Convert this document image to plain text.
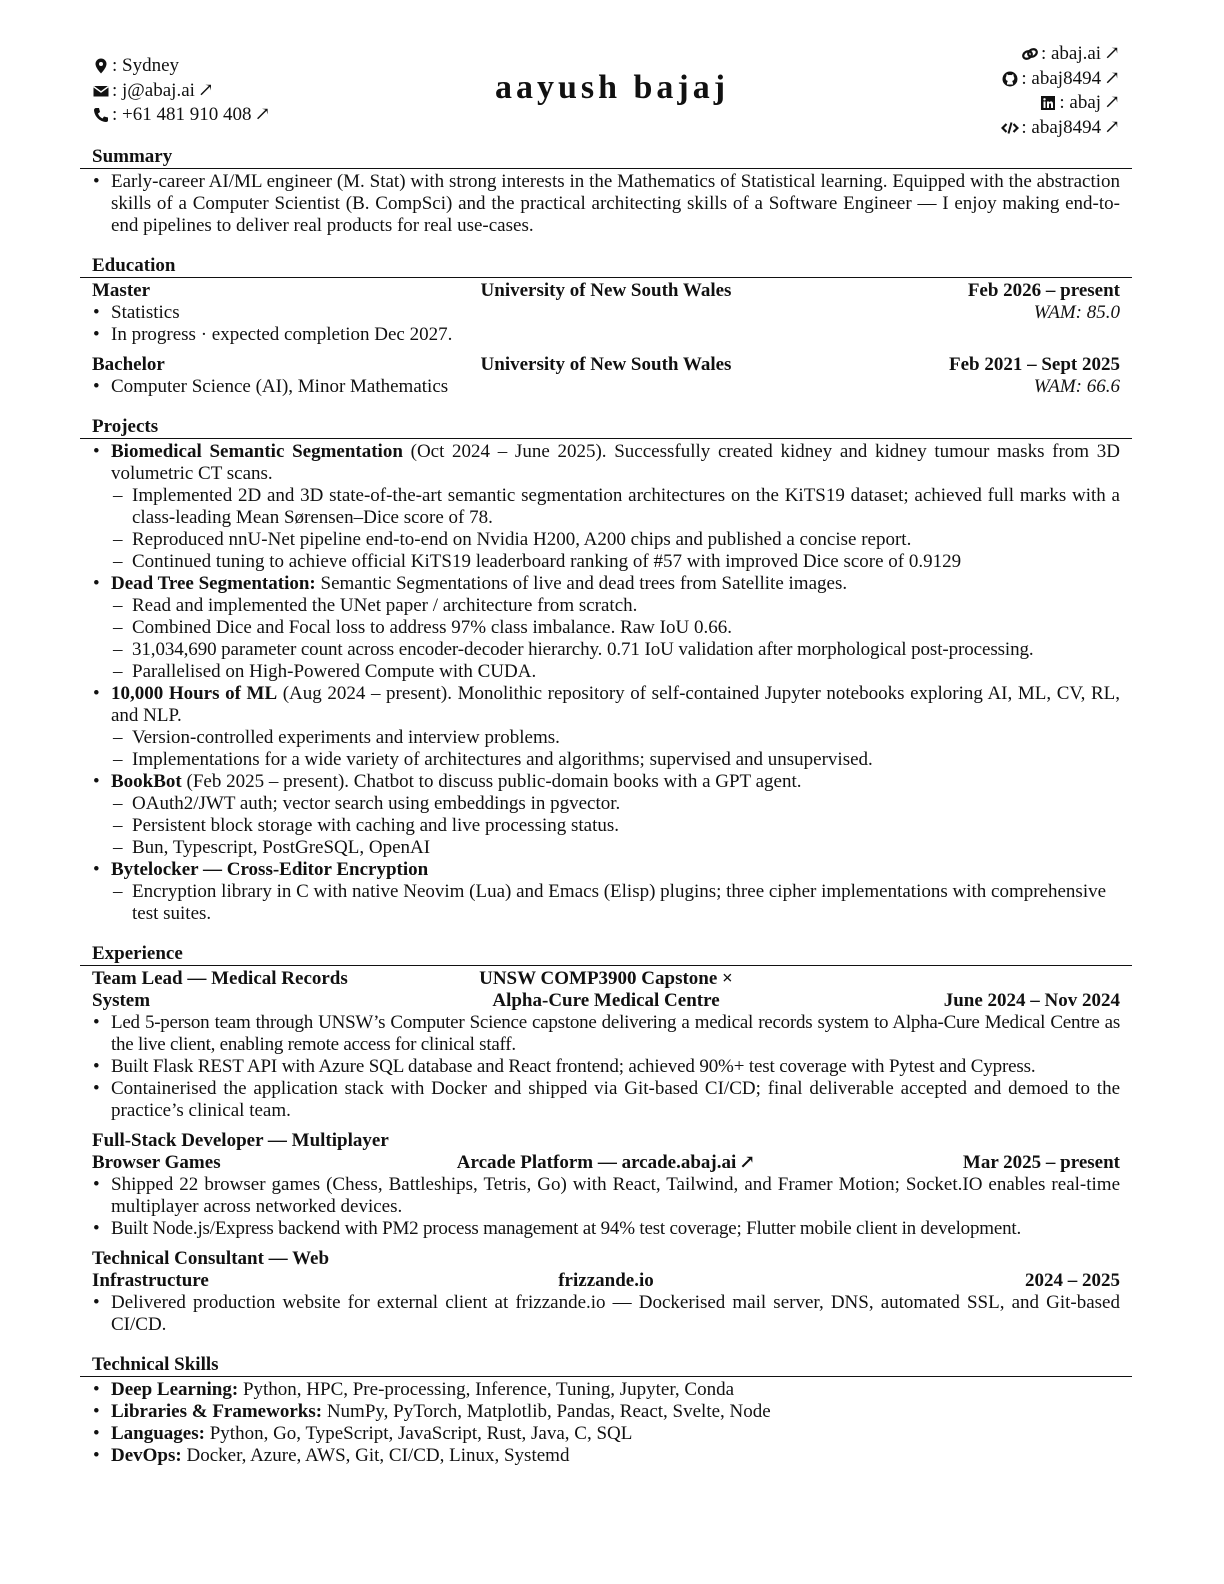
: Sydney
: j@abaj.ai ↗
: +61 481 910 408 ↗
aayush bajaj
: abaj.ai ↗
: abaj8494 ↗
: abaj ↗
: abaj8494 ↗
Summary
• Early-career AI/ML engineer (M. Stat) with strong interests in the Mathematics of Statistical learning. Equipped with the abstraction skills of a Computer Scientist (B. CompSci) and the practical architecting skills of a Software Engineer — I enjoy making end-to-end pipelines to deliver real products for real use-cases.
Education
Master	University of New South Wales	Feb 2026 – present
• Statistics	WAM: 85.0
• In progress · expected completion Dec 2027.
Bachelor	University of New South Wales	Feb 2021 – Sept 2025
• Computer Science (AI), Minor Mathematics	WAM: 66.6
Projects
• Biomedical Semantic Segmentation (Oct 2024 – June 2025). Successfully created kidney and kidney tumour masks from 3D volumetric CT scans.
– Implemented 2D and 3D state-of-the-art semantic segmentation architectures on the KiTS19 dataset; achieved full marks with a class-leading Mean Sørensen–Dice score of 78.
– Reproduced nnU-Net pipeline end-to-end on Nvidia H200, A200 chips and published a concise report.
– Continued tuning to achieve official KiTS19 leaderboard ranking of #57 with improved Dice score of 0.9129
• Dead Tree Segmentation: Semantic Segmentations of live and dead trees from Satellite images.
– Read and implemented the UNet paper / architecture from scratch.
– Combined Dice and Focal loss to address 97% class imbalance. Raw IoU 0.66.
– 31,034,690 parameter count across encoder-decoder hierarchy. 0.71 IoU validation after morphological post-processing.
– Parallelised on High-Powered Compute with CUDA.
• 10,000 Hours of ML (Aug 2024 – present). Monolithic repository of self-contained Jupyter notebooks exploring AI, ML, CV, RL, and NLP.
– Version-controlled experiments and interview problems.
– Implementations for a wide variety of architectures and algorithms; supervised and unsupervised.
• BookBot (Feb 2025 – present). Chatbot to discuss public-domain books with a GPT agent.
– OAuth2/JWT auth; vector search using embeddings in pgvector.
– Persistent block storage with caching and live processing status.
– Bun, Typescript, PostGreSQL, OpenAI
• Bytelocker — Cross-Editor Encryption
– Encryption library in C with native Neovim (Lua) and Emacs (Elisp) plugins; three cipher implementations with comprehensive test suites.
Experience
Team Lead — Medical Records System
UNSW COMP3900 Capstone × Alpha-Cure Medical Centre	June 2024 – Nov 2024
• Led 5-person team through UNSW’s Computer Science capstone delivering a medical records system to Alpha-Cure Medical Centre as the live client, enabling remote access for clinical staff.
• Built Flask REST API with Azure SQL database and React frontend; achieved 90%+ test coverage with Pytest and Cypress.
• Containerised the application stack with Docker and shipped via Git-based CI/CD; final deliverable accepted and demoed to the practice’s clinical team.
Full-Stack Developer — Multiplayer Browser Games	Arcade Platform — arcade.abaj.ai ↗	Mar 2025 – present
• Shipped 22 browser games (Chess, Battleships, Tetris, Go) with React, Tailwind, and Framer Motion; Socket.IO enables real-time multiplayer across networked devices.
• Built Node.js/Express backend with PM2 process management at 94% test coverage; Flutter mobile client in development.
Technical Consultant — Web Infrastructure	frizzande.io	2024 – 2025
• Delivered production website for external client at frizzande.io — Dockerised mail server, DNS, automated SSL, and Git-based CI/CD.
Technical Skills
• Deep Learning: Python, HPC, Pre-processing, Inference, Tuning, Jupyter, Conda
• Libraries & Frameworks: NumPy, PyTorch, Matplotlib, Pandas, React, Svelte, Node
• Languages: Python, Go, TypeScript, JavaScript, Rust, Java, C, SQL
• DevOps: Docker, Azure, AWS, Git, CI/CD, Linux, Systemd
